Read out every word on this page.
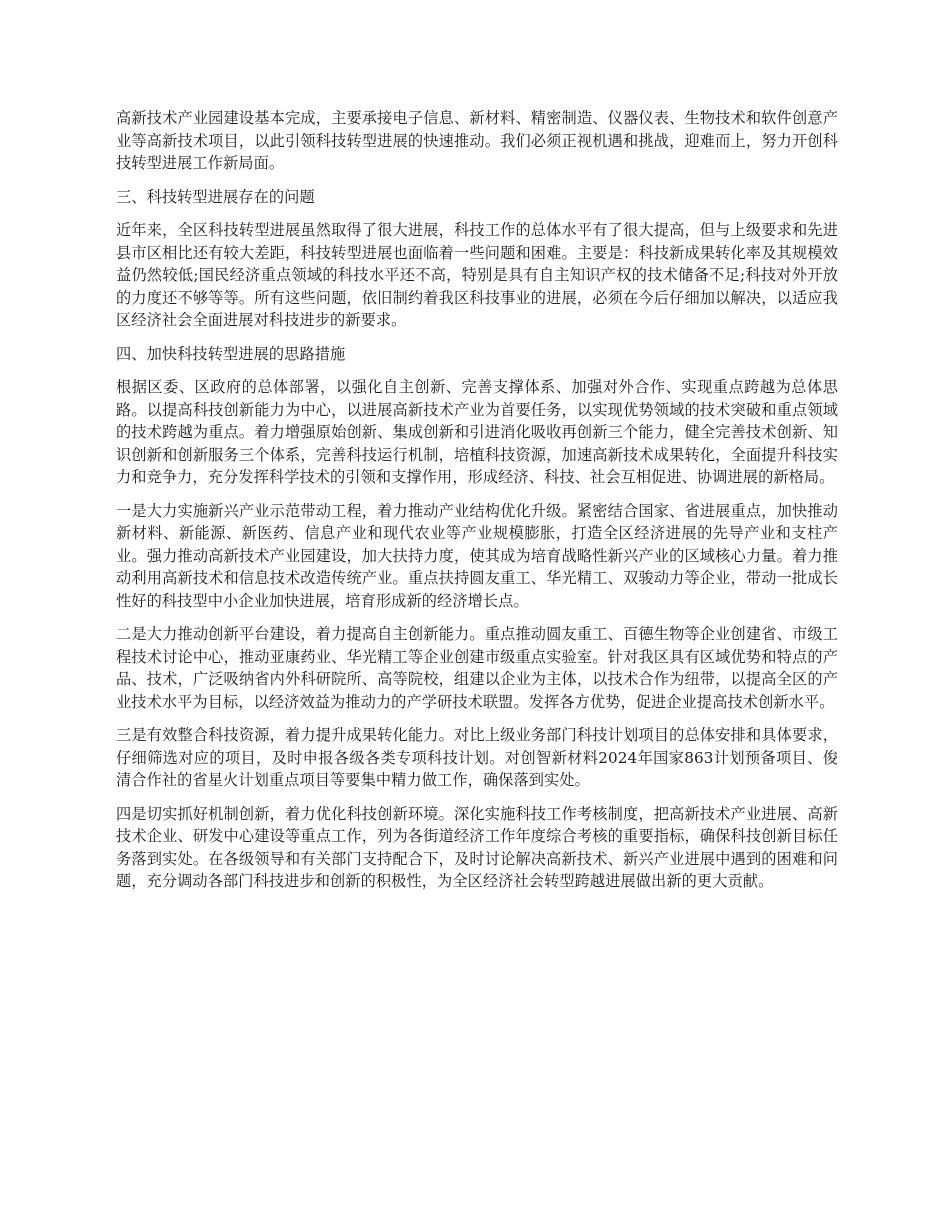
高新技术产业园建设基本完成，主要承接电子信息、新材料、精密制造、仪器仪表、生物技术和软件创意产业等高新技术项目，以此引领科技转型进展的快速推动。我们必须正视机遇和挑战，迎难而上，努力开创科技转型进展工作新局面。

三、科技转型进展存在的问题

近年来，全区科技转型进展虽然取得了很大进展，科技工作的总体水平有了很大提高，但与上级要求和先进县市区相比还有较大差距，科技转型进展也面临着一些问题和困难。主要是：科技新成果转化率及其规模效益仍然较低;国民经济重点领域的科技水平还不高，特别是具有自主知识产权的技术储备不足;科技对外开放的力度还不够等等。所有这些问题，依旧制约着我区科技事业的进展，必须在今后仔细加以解决，以适应我区经济社会全面进展对科技进步的新要求。

四、加快科技转型进展的思路措施

根据区委、区政府的总体部署，以强化自主创新、完善支撑体系、加强对外合作、实现重点跨越为总体思路。以提高科技创新能力为中心，以进展高新技术产业为首要任务，以实现优势领域的技术突破和重点领域的技术跨越为重点。着力增强原始创新、集成创新和引进消化吸收再创新三个能力，健全完善技术创新、知识创新和创新服务三个体系，完善科技运行机制，培植科技资源，加速高新技术成果转化，全面提升科技实力和竞争力，充分发挥科学技术的引领和支撑作用，形成经济、科技、社会互相促进、协调进展的新格局。

一是大力实施新兴产业示范带动工程，着力推动产业结构优化升级。紧密结合国家、省进展重点，加快推动新材料、新能源、新医药、信息产业和现代农业等产业规模膨胀，打造全区经济进展的先导产业和支柱产业。强力推动高新技术产业园建设，加大扶持力度，使其成为培育战略性新兴产业的区域核心力量。着力推动利用高新技术和信息技术改造传统产业。重点扶持圆友重工、华光精工、双骏动力等企业，带动一批成长性好的科技型中小企业加快进展，培育形成新的经济增长点。

二是大力推动创新平台建设，着力提高自主创新能力。重点推动圆友重工、百德生物等企业创建省、市级工程技术讨论中心，推动亚康药业、华光精工等企业创建市级重点实验室。针对我区具有区域优势和特点的产品、技术，广泛吸纳省内外科研院所、高等院校，组建以企业为主体，以技术合作为纽带，以提高全区的产业技术水平为目标，以经济效益为推动力的产学研技术联盟。发挥各方优势，促进企业提高技术创新水平。

三是有效整合科技资源，着力提升成果转化能力。对比上级业务部门科技计划项目的总体安排和具体要求，仔细筛选对应的项目，及时申报各级各类专项科技计划。对创智新材料2024年国家863计划预备项目、俊清合作社的省星火计划重点项目等要集中精力做工作，确保落到实处。

四是切实抓好机制创新，着力优化科技创新环境。深化实施科技工作考核制度，把高新技术产业进展、高新技术企业、研发中心建设等重点工作，列为各街道经济工作年度综合考核的重要指标，确保科技创新目标任务落到实处。在各级领导和有关部门支持配合下，及时讨论解决高新技术、新兴产业进展中遇到的困难和问题，充分调动各部门科技进步和创新的积极性，为全区经济社会转型跨越进展做出新的更大贡献。
